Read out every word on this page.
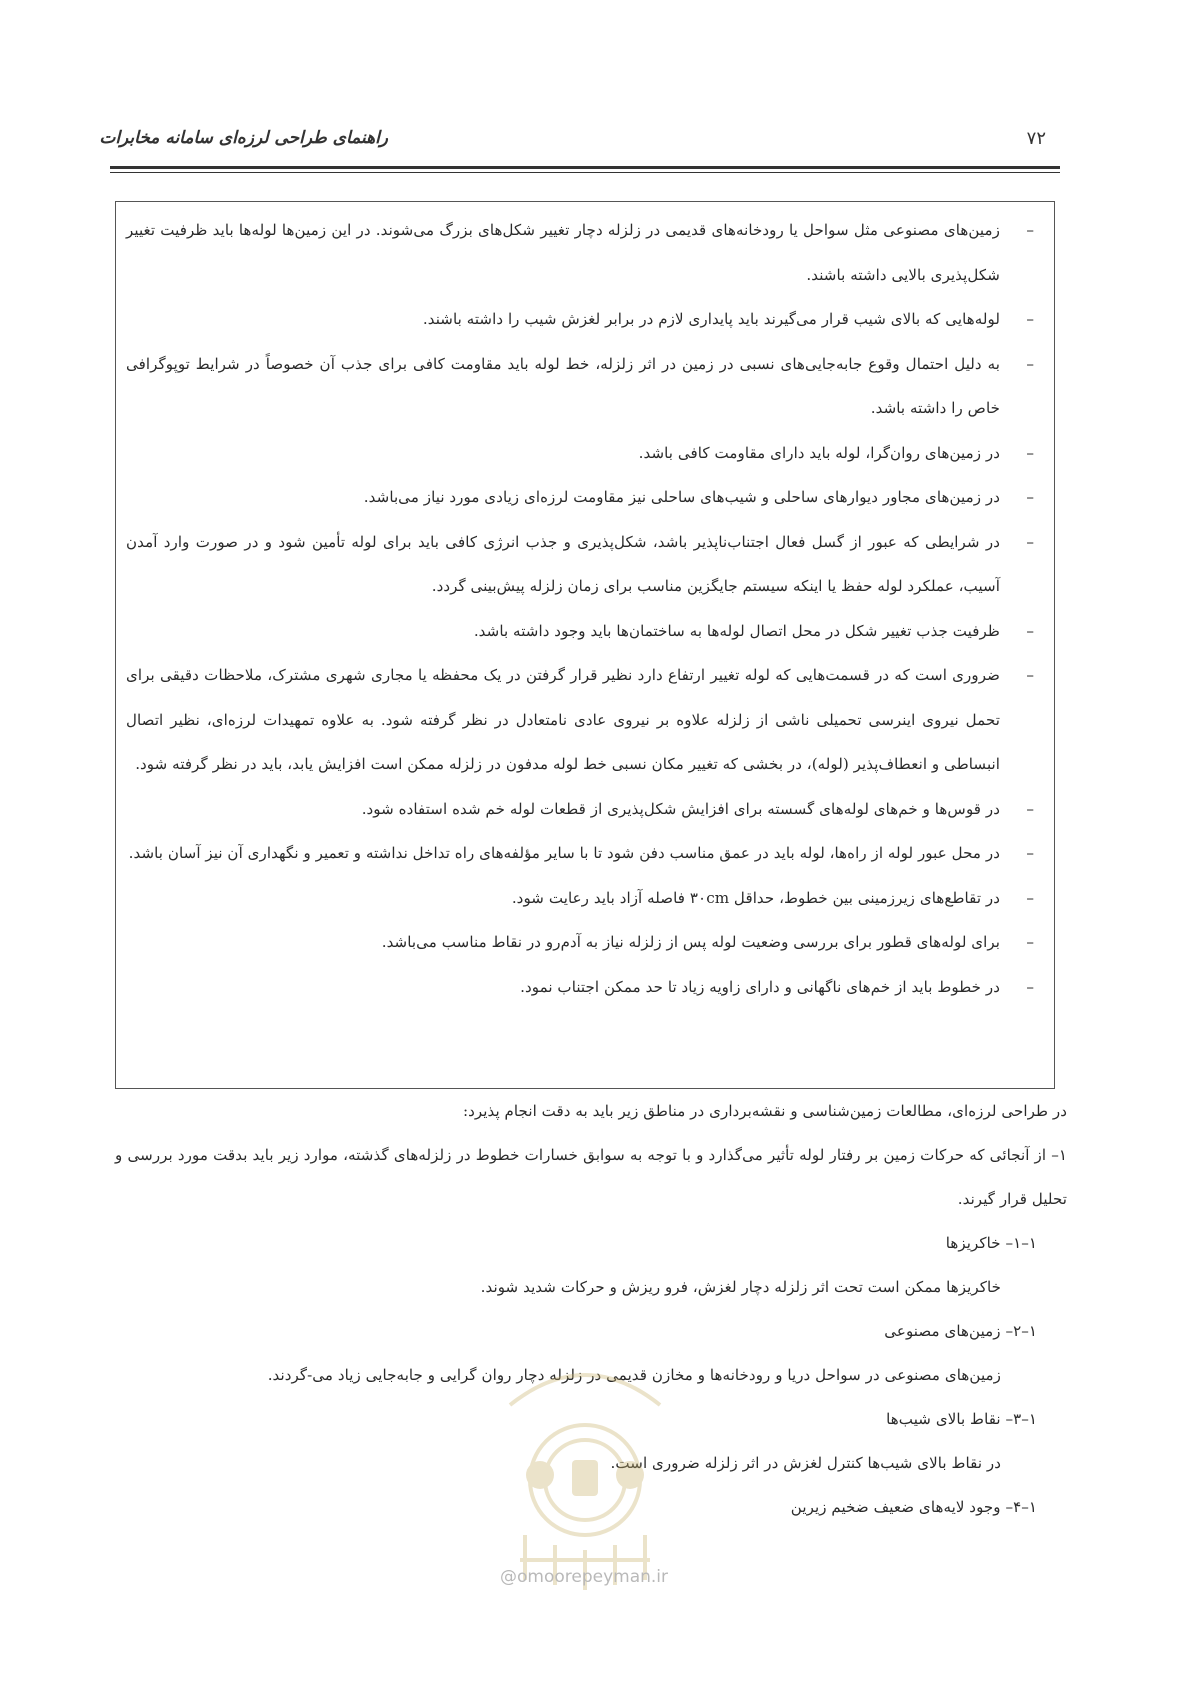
راهنمای طراحی لرزه‌ای سامانه مخابرات	۷۲
–
زمین‌های مصنوعی مثل سواحل یا رودخانه‌های قدیمی در زلزله دچار تغییر شکل‌های بزرگ می‌شوند. در این زمین‌ها لوله‌ها باید ظرفیت تغییر شکل‌پذیری بالایی داشته باشند.
–
لوله‌هایی که بالای شیب قرار می‌گیرند باید پایداری لازم در برابر لغزش شیب را داشته باشند.
–
به دلیل احتمال وقوع جابه‌جایی‌های نسبی در زمین در اثر زلزله، خط لوله باید مقاومت کافی برای جذب آن خصوصاً در شرایط توپوگرافی خاص را داشته باشد.
–
در زمین‌های روان‌گرا، لوله باید دارای مقاومت کافی باشد.
–
در زمین‌های مجاور دیوارهای ساحلی و شیب‌های ساحلی نیز مقاومت لرزه‌ای زیادی مورد نیاز می‌باشد.
–
در شرایطی که عبور از گسل فعال اجتناب‌ناپذیر باشد، شکل‌پذیری و جذب انرژی کافی باید برای لوله تأمین شود و در صورت وارد آمدن آسیب، عملکرد لوله حفظ یا اینکه سیستم جایگزین مناسب برای زمان زلزله پیش‌بینی گردد.
–
ظرفیت جذب تغییر شکل در محل اتصال لوله‌ها به ساختمان‌ها باید وجود داشته باشد.
–
ضروری است که در قسمت‌هایی که لوله تغییر ارتفاع دارد نظیر قرار گرفتن در یک محفظه یا مجاری شهری مشترک، ملاحظات دقیقی برای تحمل نیروی اینرسی تحمیلی ناشی از زلزله علاوه بر نیروی عادی نامتعادل در نظر گرفته شود. به علاوه تمهیدات لرزه‌ای، نظیر اتصال انبساطی و انعطاف‌پذیر (لوله)، در بخشی که تغییر مکان نسبی خط لوله مدفون در زلزله ممکن است افزایش یابد، باید در نظر گرفته شود.
–
در قوس‌ها و خم‌های لوله‌های گسسته برای افزایش شکل‌پذیری از قطعات لوله خم شده استفاده شود.
–
در محل عبور لوله از راه‌ها، لوله باید در عمق مناسب دفن شود تا با سایر مؤلفه‌های راه تداخل نداشته و تعمیر و نگهداری آن نیز آسان باشد.
–
در تقاطع‌های زیرزمینی بین خطوط، حداقل ۳۰cm فاصله آزاد باید رعایت شود.
–
برای لوله‌های قطور برای بررسی وضعیت لوله پس از زلزله نیاز به آدم‌رو در نقاط مناسب می‌باشد.
–
در خطوط باید از خم‌های ناگهانی و دارای زاویه زیاد تا حد ممکن اجتناب نمود.
در طراحی لرزه‌ای، مطالعات زمین‌شناسی و نقشه‌برداری در مناطق زیر باید به دقت انجام پذیرد:
۱– از آنجائی که حرکات زمین بر رفتار لوله تأثیر می‌گذارد و با توجه به سوابق خسارات خطوط در زلزله‌های گذشته، موارد زیر باید بدقت مورد بررسی و تحلیل قرار گیرند.
۱–۱– خاکریزها
خاکریزها ممکن است تحت اثر زلزله دچار لغزش، فرو ریزش و حرکات شدید شوند.
۱–۲– زمین‌های مصنوعی
زمین‌های مصنوعی در سواحل دریا و رودخانه‌ها و مخازن قدیمی در زلزله دچار روان گرایی و جابه‌جایی زیاد می-گردند.
۱–۳– نقاط بالای شیب‌ها
در نقاط بالای شیب‌ها کنترل لغزش در اثر زلزله ضروری است.
۱–۴– وجود لایه‌های ضعیف ضخیم زیرین
@omoorepeyman.ir
